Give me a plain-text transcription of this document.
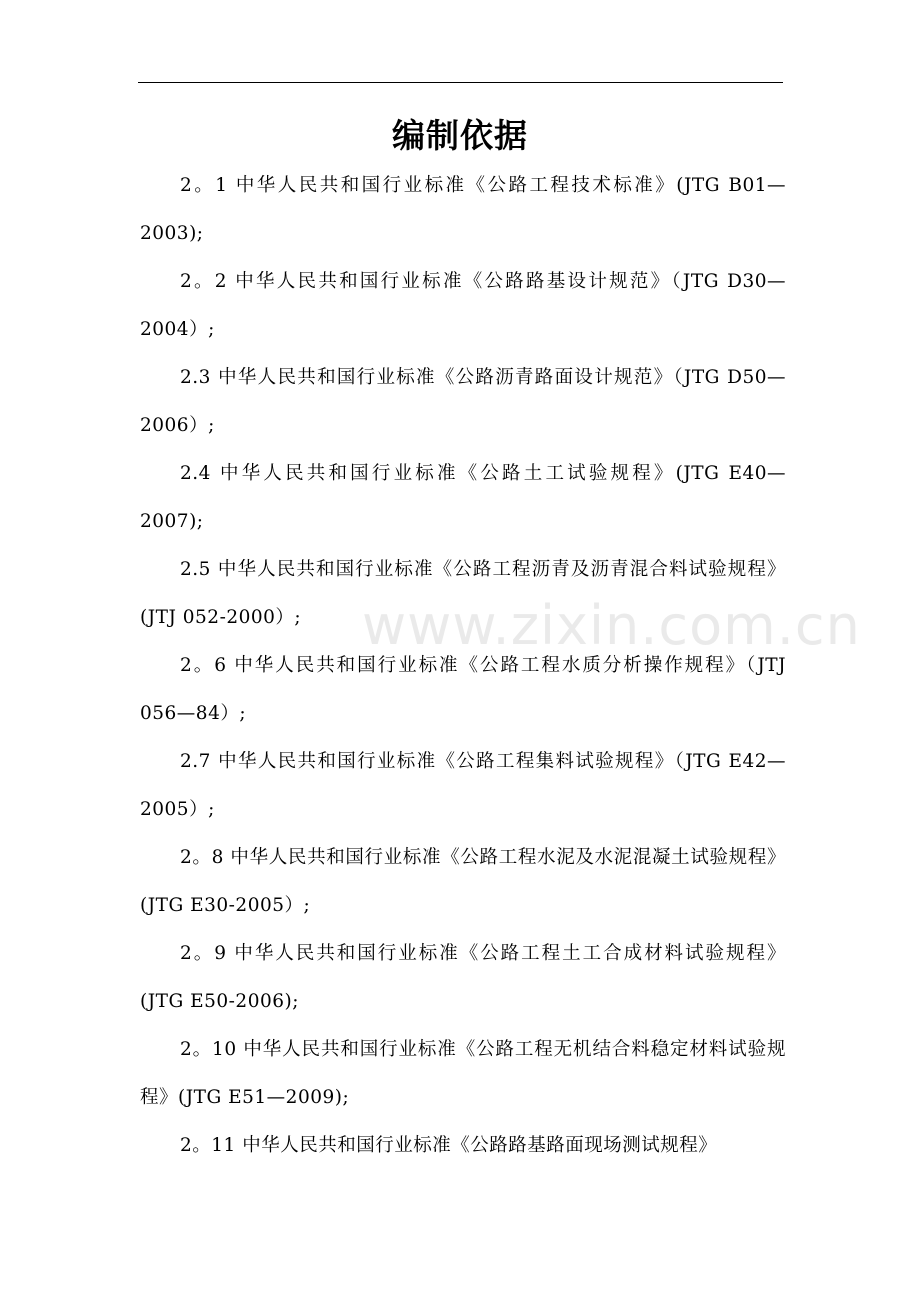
编制依据

2。1 中华人民共和国行业标准《公路工程技术标准》(JTG B01—2003);

2。2 中华人民共和国行业标准《公路路基设计规范》（JTG D30—2004）;

2.3 中华人民共和国行业标准《公路沥青路面设计规范》（JTG D50—2006）;

2.4 中华人民共和国行业标准《公路土工试验规程》(JTG E40—2007);

2.5 中华人民共和国行业标准《公路工程沥青及沥青混合料试验规程》(JTJ 052-2000）;

2。6 中华人民共和国行业标准《公路工程水质分析操作规程》（JTJ 056—84）;

2.7 中华人民共和国行业标准《公路工程集料试验规程》（JTG E42—2005）;

2。8 中华人民共和国行业标准《公路工程水泥及水泥混凝土试验规程》(JTG E30-2005）;

2。9 中华人民共和国行业标准《公路工程土工合成材料试验规程》(JTG E50-2006);

2。10 中华人民共和国行业标准《公路工程无机结合料稳定材料试验规程》(JTG E51—2009);

2。11 中华人民共和国行业标准《公路路基路面现场测试规程》

www.zixin.com.cn
